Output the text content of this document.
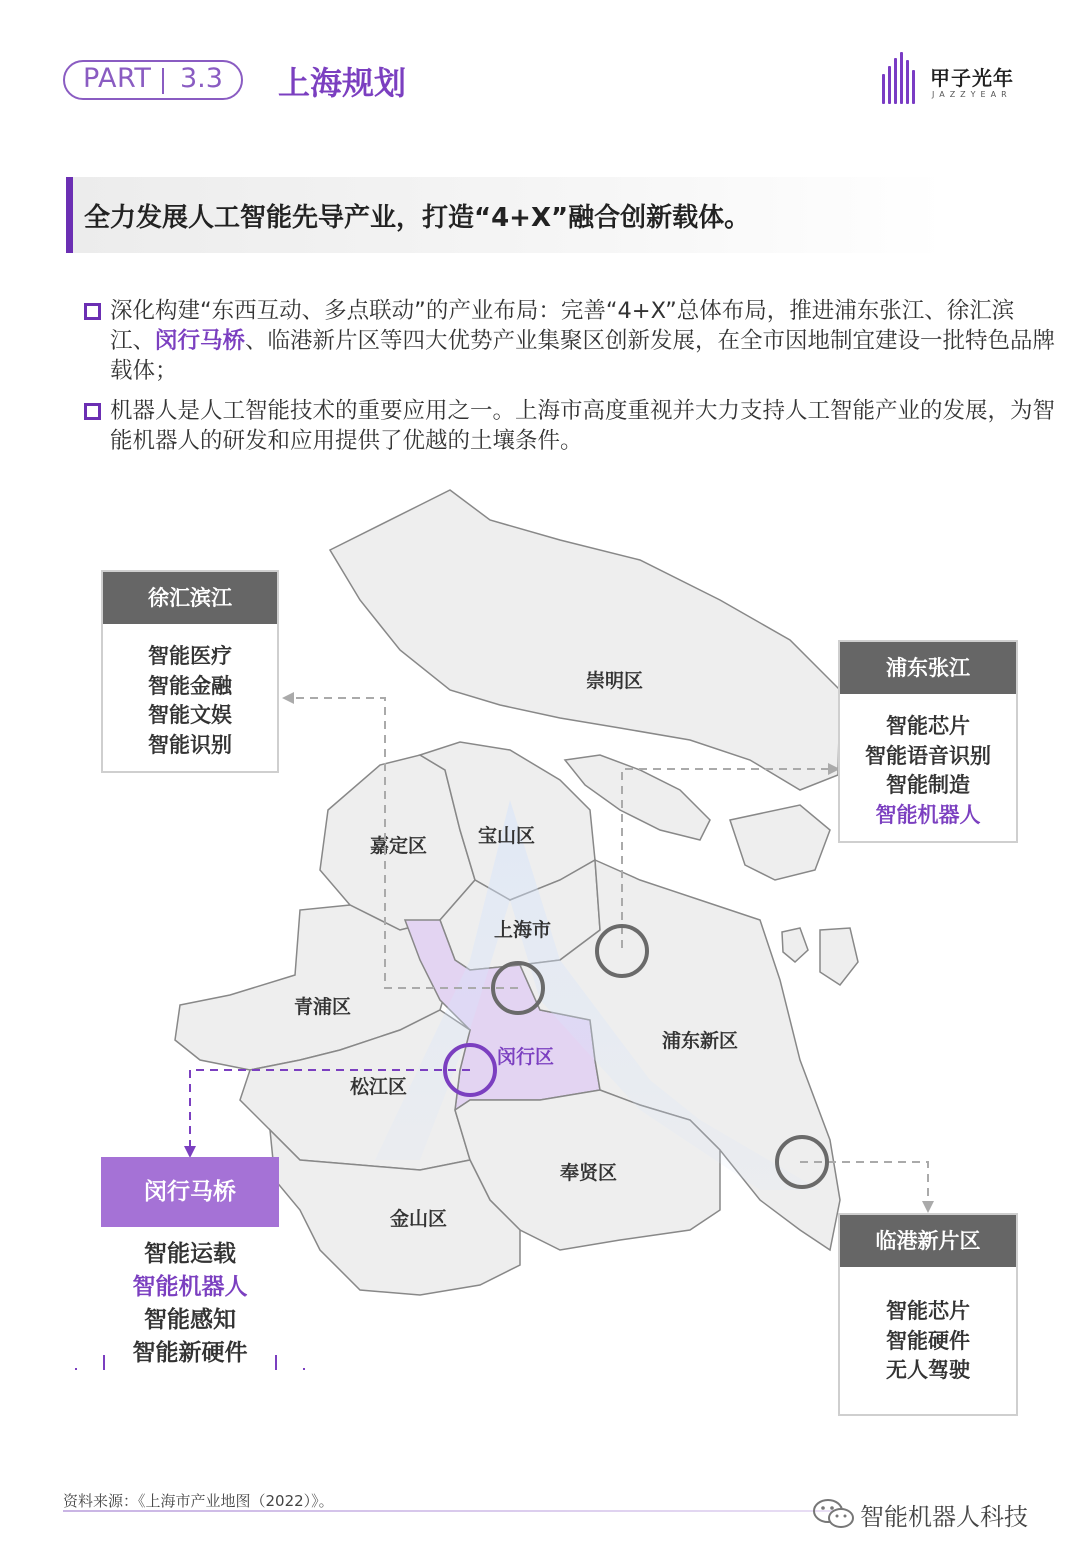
PART 3.3 上海规划	甲子光年
JAZZYEAR
全力发展人工智能先导产业，打造“4+X”融合创新载体。
深化构建“东西互动、多点联动”的产业布局：完善“4+X”总体布局，推进浦东张江、徐汇滨江、闵行马桥、临港新片区等四大优势产业集聚区创新发展，在全市因地制宜建设一批特色品牌载体；
机器人是人工智能技术的重要应用之一。上海市高度重视并大力支持人工智能产业的发展，为智能机器人的研发和应用提供了优越的土壤条件。
崇明区
嘉定区	宝山区
上海市
青浦区
闵行区
浦东新区
松江区
奉贤区
金山区
徐汇滨江
智能医疗
智能金融
智能文娱
智能识别
浦东张江
智能芯片
智能语音识别
智能制造
智能机器人
临港新片区
智能芯片
智能硬件
无人驾驶
闵行马桥
智能运载
智能机器人
智能感知
智能新硬件
资料来源：《上海市产业地图（2022）》。
智能机器人科技
